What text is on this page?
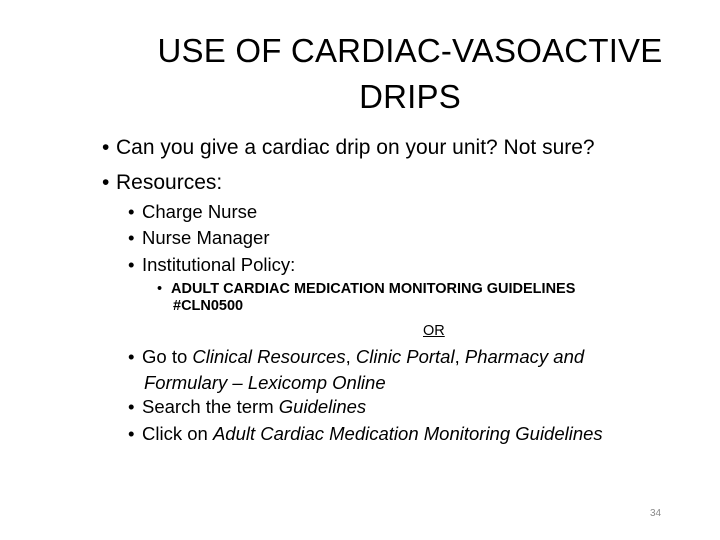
USE OF CARDIAC-VASOACTIVE
DRIPS
• Can you give a cardiac drip on your unit? Not sure?
• Resources:
• Charge Nurse
• Nurse Manager
• Institutional Policy:
• ADULT CARDIAC MEDICATION MONITORING GUIDELINES
#CLN0500
OR
• Go to Clinical Resources, Clinic Portal, Pharmacy and
Formulary – Lexicomp Online
• Search the term Guidelines
• Click on Adult Cardiac Medication Monitoring Guidelines
34
